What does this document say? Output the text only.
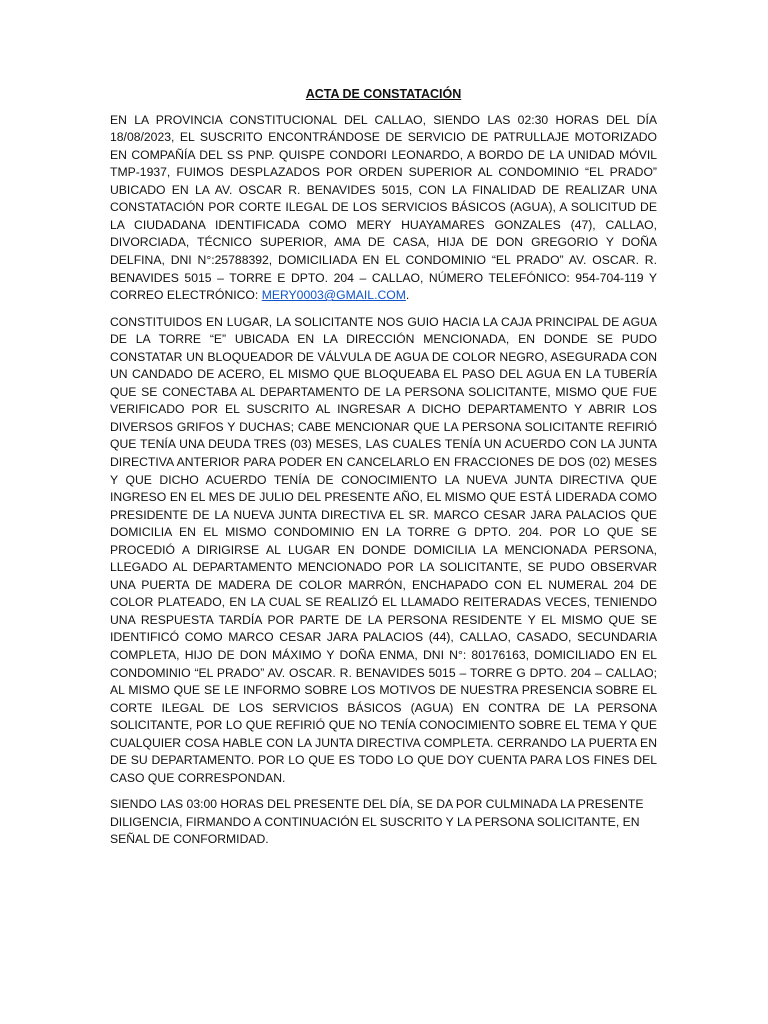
ACTA DE CONSTATACIÓN

EN LA PROVINCIA CONSTITUCIONAL DEL CALLAO, SIENDO LAS 02:30 HORAS DEL DÍA 18/08/2023, EL SUSCRITO ENCONTRÁNDOSE DE SERVICIO DE PATRULLAJE MOTORIZADO EN COMPAÑÍA DEL SS PNP. QUISPE CONDORI LEONARDO, A BORDO DE LA UNIDAD MÓVIL TMP-1937, FUIMOS DESPLAZADOS POR ORDEN SUPERIOR AL CONDOMINIO “EL PRADO” UBICADO EN LA AV. OSCAR R. BENAVIDES 5015, CON LA FINALIDAD DE REALIZAR UNA CONSTATACIÓN POR CORTE ILEGAL DE LOS SERVICIOS BÁSICOS (AGUA), A SOLICITUD DE LA CIUDADANA IDENTIFICADA COMO MERY HUAYAMARES GONZALES (47), CALLAO, DIVORCIADA, TÉCNICO SUPERIOR, AMA DE CASA, HIJA DE DON GREGORIO Y DOÑA DELFINA, DNI N°:25788392, DOMICILIADA EN EL CONDOMINIO “EL PRADO” AV. OSCAR. R. BENAVIDES 5015 – TORRE E DPTO. 204 – CALLAO, NÚMERO TELEFÓNICO: 954-704-119 Y CORREO ELECTRÓNICO: MERY0003@GMAIL.COM.

CONSTITUIDOS EN LUGAR, LA SOLICITANTE NOS GUIO HACIA LA CAJA PRINCIPAL DE AGUA DE LA TORRE “E” UBICADA EN LA DIRECCIÓN MENCIONADA, EN DONDE SE PUDO CONSTATAR UN BLOQUEADOR DE VÁLVULA DE AGUA DE COLOR NEGRO, ASEGURADA CON UN CANDADO DE ACERO, EL MISMO QUE BLOQUEABA EL PASO DEL AGUA EN LA TUBERÍA QUE SE CONECTABA AL DEPARTAMENTO DE LA PERSONA SOLICITANTE, MISMO QUE FUE VERIFICADO POR EL SUSCRITO AL INGRESAR A DICHO DEPARTAMENTO Y ABRIR LOS DIVERSOS GRIFOS Y DUCHAS; CABE MENCIONAR QUE LA PERSONA SOLICITANTE REFIRIÓ QUE TENÍA UNA DEUDA TRES (03) MESES, LAS CUALES TENÍA UN ACUERDO CON LA JUNTA DIRECTIVA ANTERIOR PARA PODER EN CANCELARLO EN FRACCIONES DE DOS (02) MESES Y QUE DICHO ACUERDO TENÍA DE CONOCIMIENTO LA NUEVA JUNTA DIRECTIVA QUE INGRESO EN EL MES DE JULIO DEL PRESENTE AÑO, EL MISMO QUE ESTÁ LIDERADA COMO PRESIDENTE DE LA NUEVA JUNTA DIRECTIVA EL SR. MARCO CESAR JARA PALACIOS QUE DOMICILIA EN EL MISMO CONDOMINIO EN LA TORRE G DPTO. 204. POR LO QUE SE PROCEDIÓ A DIRIGIRSE AL LUGAR EN DONDE DOMICILIA LA MENCIONADA PERSONA, LLEGADO AL DEPARTAMENTO MENCIONADO POR LA SOLICITANTE, SE PUDO OBSERVAR UNA PUERTA DE MADERA DE COLOR MARRÓN, ENCHAPADO CON EL NUMERAL 204 DE COLOR PLATEADO, EN LA CUAL SE REALIZÓ EL LLAMADO REITERADAS VECES, TENIENDO UNA RESPUESTA TARDÍA POR PARTE DE LA PERSONA RESIDENTE Y EL MISMO QUE SE IDENTIFICÓ COMO MARCO CESAR JARA PALACIOS (44), CALLAO, CASADO, SECUNDARIA COMPLETA, HIJO DE DON MÁXIMO Y DOÑA ENMA, DNI N°: 80176163, DOMICILIADO EN EL CONDOMINIO “EL PRADO” AV. OSCAR. R. BENAVIDES 5015 – TORRE G DPTO. 204 – CALLAO; AL MISMO QUE SE LE INFORMO SOBRE LOS MOTIVOS DE NUESTRA PRESENCIA SOBRE EL CORTE ILEGAL DE LOS SERVICIOS BÁSICOS (AGUA) EN CONTRA DE LA PERSONA SOLICITANTE, POR LO QUE REFIRIÓ QUE NO TENÍA CONOCIMIENTO SOBRE EL TEMA Y QUE CUALQUIER COSA HABLE CON LA JUNTA DIRECTIVA COMPLETA. CERRANDO LA PUERTA EN DE SU DEPARTAMENTO. POR LO QUE ES TODO LO QUE DOY CUENTA PARA LOS FINES DEL CASO QUE CORRESPONDAN.

SIENDO LAS 03:00 HORAS DEL PRESENTE DEL DÍA, SE DA POR CULMINADA LA PRESENTE DILIGENCIA, FIRMANDO A CONTINUACIÓN EL SUSCRITO Y LA PERSONA SOLICITANTE, EN SEÑAL DE CONFORMIDAD.
